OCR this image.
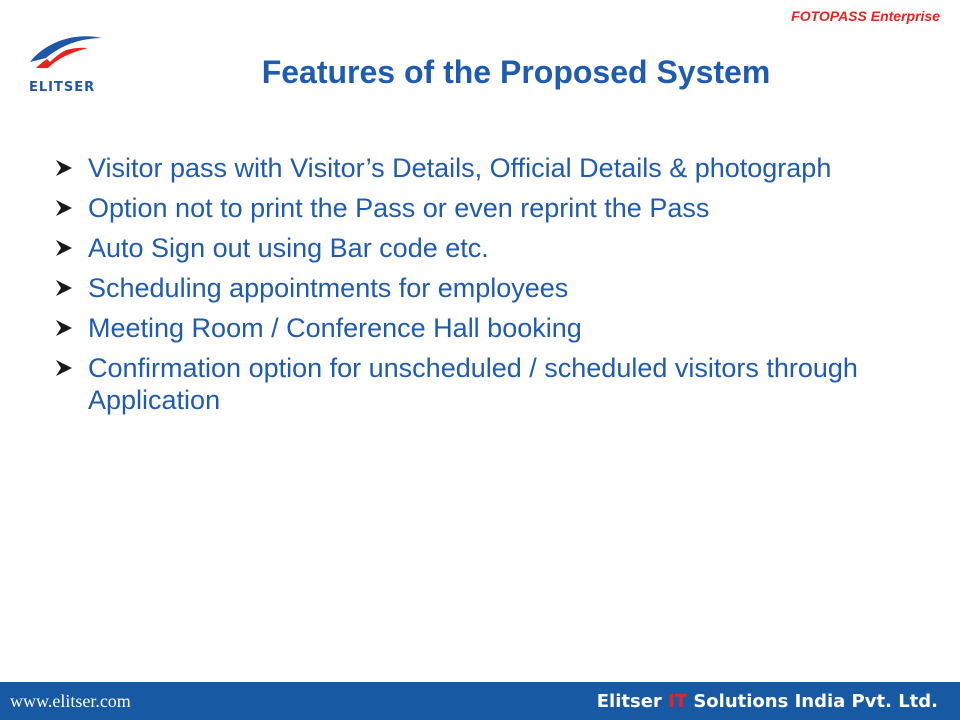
FOTOPASS Enterprise
ELITSER	Features of the Proposed System
Visitor pass with Visitor’s Details, Official Details & photograph
Option not to print the Pass or even reprint the Pass
Auto Sign out using Bar code etc.
Scheduling appointments for employees
Meeting Room / Conference Hall booking
Confirmation option for unscheduled / scheduled visitors through Application
www.elitser.com	Elitser IT Solutions India Pvt. Ltd.
